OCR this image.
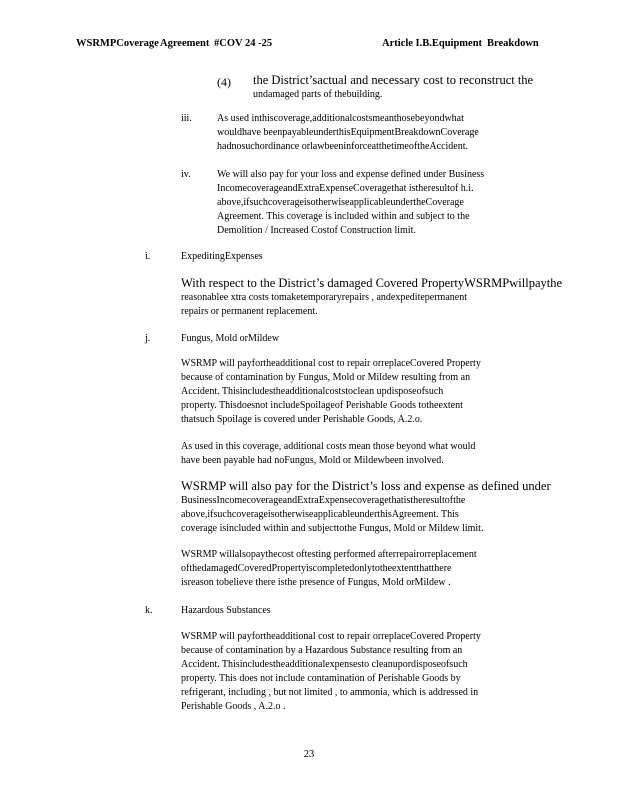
WSRMPCoverage Agreement #COV 24 -25	Article I.B.Equipment Breakdown
(4) the District’sactual and necessary cost to reconstruct the
undamaged parts of thebuilding.
iii.	As used inthiscoverage,additionalcostsmeanthosebeyondwhat
wouldhave beenpayableunderthisEquipmentBreakdownCoverage
hadnosuchordinance orlawbeeninforceatthetimeoftheAccident.
iv.	We will also pay for your loss and expense defined under Business
IncomecoverageandExtraExpenseCoveragethat istheresultof h.i.
above,ifsuchcoverageisotherwiseapplicableundertheCoverage
Agreement. This coverage is included within and subject to the
Demolition / Increased Costof Construction limit.
i.	ExpeditingExpenses
With respect to the District’s damaged Covered PropertyWSRMPwillpaythe
reasonablee xtra costs tomaketemporaryrepairs , andexpeditepermanent
repairs or permanent replacement.
j.	Fungus, Mold orMildew
WSRMP will payfortheadditional cost to repair orreplaceCovered Property
because of contamination by Fungus, Mold or Mildew resulting from an
Accident. Thisincludestheadditionalcoststoclean updisposeofsuch
property. Thisdoesnot includeSpoilageof Perishable Goods totheextent
thatsuch Spoilage is covered under Perishable Goods, A.2.o.
As used in this coverage, additional costs mean those beyond what would
have been payable had noFungus, Mold or Mildewbeen involved.
WSRMP will also pay for the District’s loss and expense as defined under
BusinessIncomecoverageandExtraExpensecoveragethatistheresultofthe
above,ifsuchcoverageisotherwiseapplicableunderthisAgreement. This
coverage isincluded within and subjecttothe Fungus, Mold or Mildew limit.
WSRMP willalsopaythecost oftesting performed afterrepairorreplacement
ofthedamagedCoveredPropertyiscompletedonlytotheextentthatthere
isreason tobelieve there isthe presence of Fungus, Mold orMildew .
k.	Hazardous Substances
WSRMP will payfortheadditional cost to repair orreplaceCovered Property
because of contamination by a Hazardous Substance resulting from an
Accident. Thisincludestheadditionalexpensesto cleanupordisposeofsuch
property. This does not include contamination of Perishable Goods by
refrigerant, including , but not limited , to ammonia, which is addressed in
Perishable Goods , A.2.o .
23
